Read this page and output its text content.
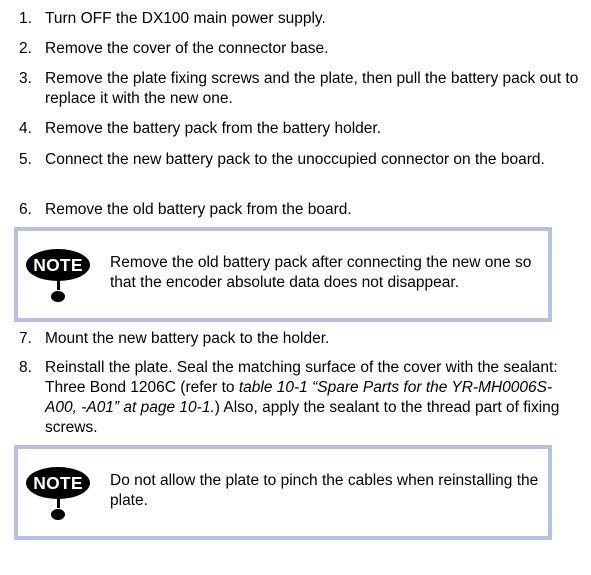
1. Turn OFF the DX100 main power supply.
2. Remove the cover of the connector base.
3. Remove the plate fixing screws and the plate, then pull the battery pack out to replace it with the new one.
4. Remove the battery pack from the battery holder.
5. Connect the new battery pack to the unoccupied connector on the board.
6. Remove the old battery pack from the board.
NOTE	Remove the old battery pack after connecting the new one so that the encoder absolute data does not disappear.
7. Mount the new battery pack to the holder.
8. Reinstall the plate. Seal the matching surface of the cover with the sealant: Three Bond 1206C (refer to table 10-1 “Spare Parts for the YR-MH0006S-A00, -A01” at page 10-1.) Also, apply the sealant to the thread part of fixing screws.
NOTE	Do not allow the plate to pinch the cables when reinstalling the plate.
